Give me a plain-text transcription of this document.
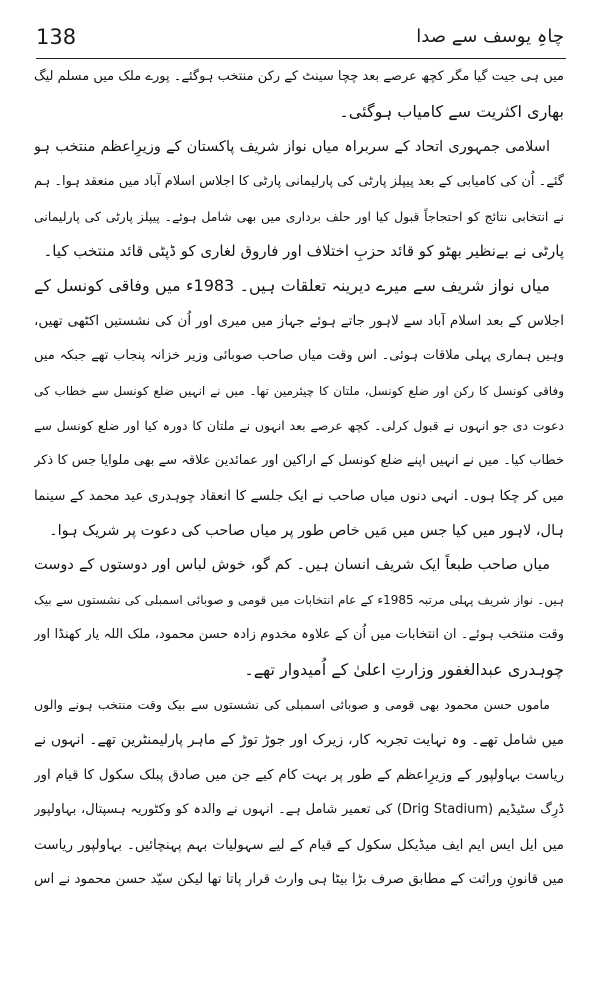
138	چاہِ یوسف سے صدا
میں ہی جیت گیا مگر کچھ عرصے بعد چچا سینٹ کے رکن منتخب ہوگئے۔ پورے ملک میں مسلم لیگ
بھاری اکثریت سے کامیاب ہوگئی۔
اسلامی جمہوری اتحاد کے سربراہ میاں نواز شریف پاکستان کے وزیرِاعظم منتخب ہو
گئے۔ اُن کی کامیابی کے بعد پیپلز پارٹی کی پارلیمانی پارٹی کا اجلاس اسلام آباد میں منعقد ہوا۔ ہم
نے انتخابی نتائج کو احتجاجاً قبول کیا اور حلف برداری میں بھی شامل ہوئے۔ پیپلز پارٹی کی پارلیمانی
پارٹی نے بےنظیر بھٹو کو قائد حزبِ اختلاف اور فاروق لغاری کو ڈپٹی قائد منتخب کیا۔
میاں نواز شریف سے میرے دیرینہ تعلقات ہیں۔ 1983ء میں وفاقی کونسل کے
اجلاس کے بعد اسلام آباد سے لاہور جاتے ہوئے جہاز میں میری اور اُن کی نشستیں اکٹھی تھیں،
وہیں ہماری پہلی ملاقات ہوئی۔ اس وقت میاں صاحب صوبائی وزیر خزانہ پنجاب تھے جبکہ میں
وفاقی کونسل کا رکن اور ضلع کونسل، ملتان کا چیئرمین تھا۔ میں نے انہیں ضلع کونسل سے خطاب کی
دعوت دی جو انہوں نے قبول کرلی۔ کچھ عرصے بعد انہوں نے ملتان کا دورہ کیا اور ضلع کونسل سے
خطاب کیا۔ میں نے انہیں اپنے ضلع کونسل کے اراکین اور عمائدین علاقہ سے بھی ملوایا جس کا ذکر
میں کر چکا ہوں۔ انہی دنوں میاں صاحب نے ایک جلسے کا انعقاد چوہدری عید محمد کے سینما
ہال، لاہور میں کیا جس میں مَیں خاص طور پر میاں صاحب کی دعوت پر شریک ہوا۔
میاں صاحب طبعاً ایک شریف انسان ہیں۔ کم گو، خوش لباس اور دوستوں کے دوست
ہیں۔ نواز شریف پہلی مرتبہ 1985ء کے عام انتخابات میں قومی و صوبائی اسمبلی کی نشستوں سے بیک
وقت منتخب ہوئے۔ ان انتخابات میں اُن کے علاوہ مخدوم زادہ حسن محمود، ملک اللہ یار کھنڈا اور
چوہدری عبدالغفور وزارتِ اعلیٰ کے اُمیدوار تھے۔
ماموں حسن محمود بھی قومی و صوبائی اسمبلی کی نشستوں سے بیک وقت منتخب ہونے والوں
میں شامل تھے۔ وہ نہایت تجربہ کار، زیرک اور جوڑ توڑ کے ماہر پارلیمنٹرین تھے۔ انہوں نے
ریاست بہاولپور کے وزیرِاعظم کے طور پر بہت کام کیے جن میں صادق پبلک سکول کا قیام اور
ڈرِگ سٹیڈیم (Drig Stadium) کی تعمیر شامل ہے۔ انہوں نے والدہ کو وکٹوریہ ہسپتال، بہاولپور
میں ایل ایس ایم ایف میڈیکل سکول کے قیام کے لیے سہولیات بہم پہنچائیں۔ بہاولپور ریاست
میں قانونِ وراثت کے مطابق صرف بڑا بیٹا ہی وارث قرار پاتا تھا لیکن سیّد حسن محمود نے اس
